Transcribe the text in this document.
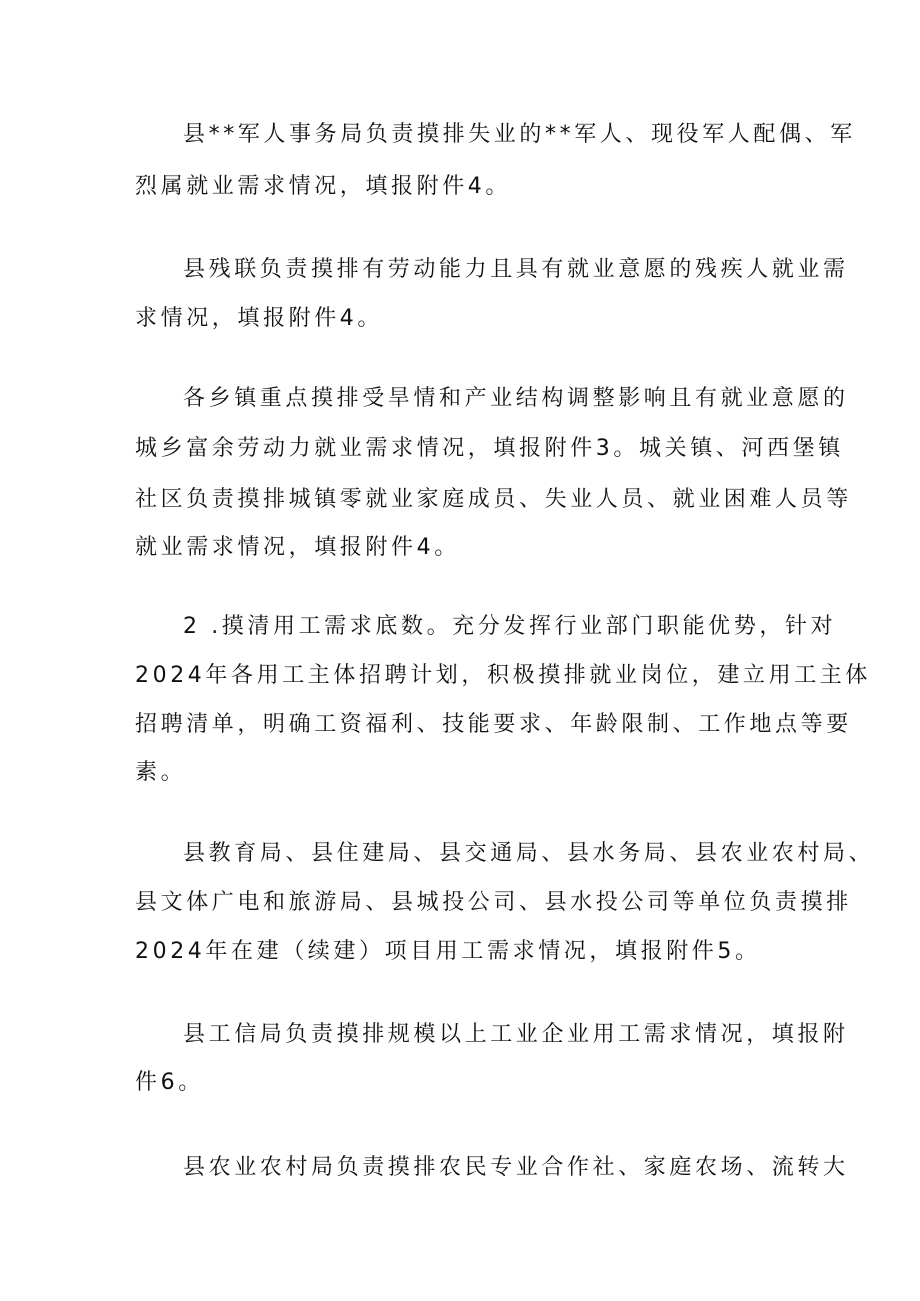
县**军人事务局负责摸排失业的**军人、现役军人配偶、军
烈属就业需求情况，填报附件4。
县残联负责摸排有劳动能力且具有就业意愿的残疾人就业需
求情况，填报附件4。
各乡镇重点摸排受旱情和产业结构调整影响且有就业意愿的
城乡富余劳动力就业需求情况，填报附件3。城关镇、河西堡镇
社区负责摸排城镇零就业家庭成员、失业人员、就业困难人员等
就业需求情况，填报附件4。
2 .摸清用工需求底数。充分发挥行业部门职能优势，针对
2024年各用工主体招聘计划，积极摸排就业岗位，建立用工主体
招聘清单，明确工资福利、技能要求、年龄限制、工作地点等要
素。
县教育局、县住建局、县交通局、县水务局、县农业农村局、
县文体广电和旅游局、县城投公司、县水投公司等单位负责摸排
2024年在建（续建）项目用工需求情况，填报附件5。
县工信局负责摸排规模以上工业企业用工需求情况，填报附
件6。
县农业农村局负责摸排农民专业合作社、家庭农场、流转大
